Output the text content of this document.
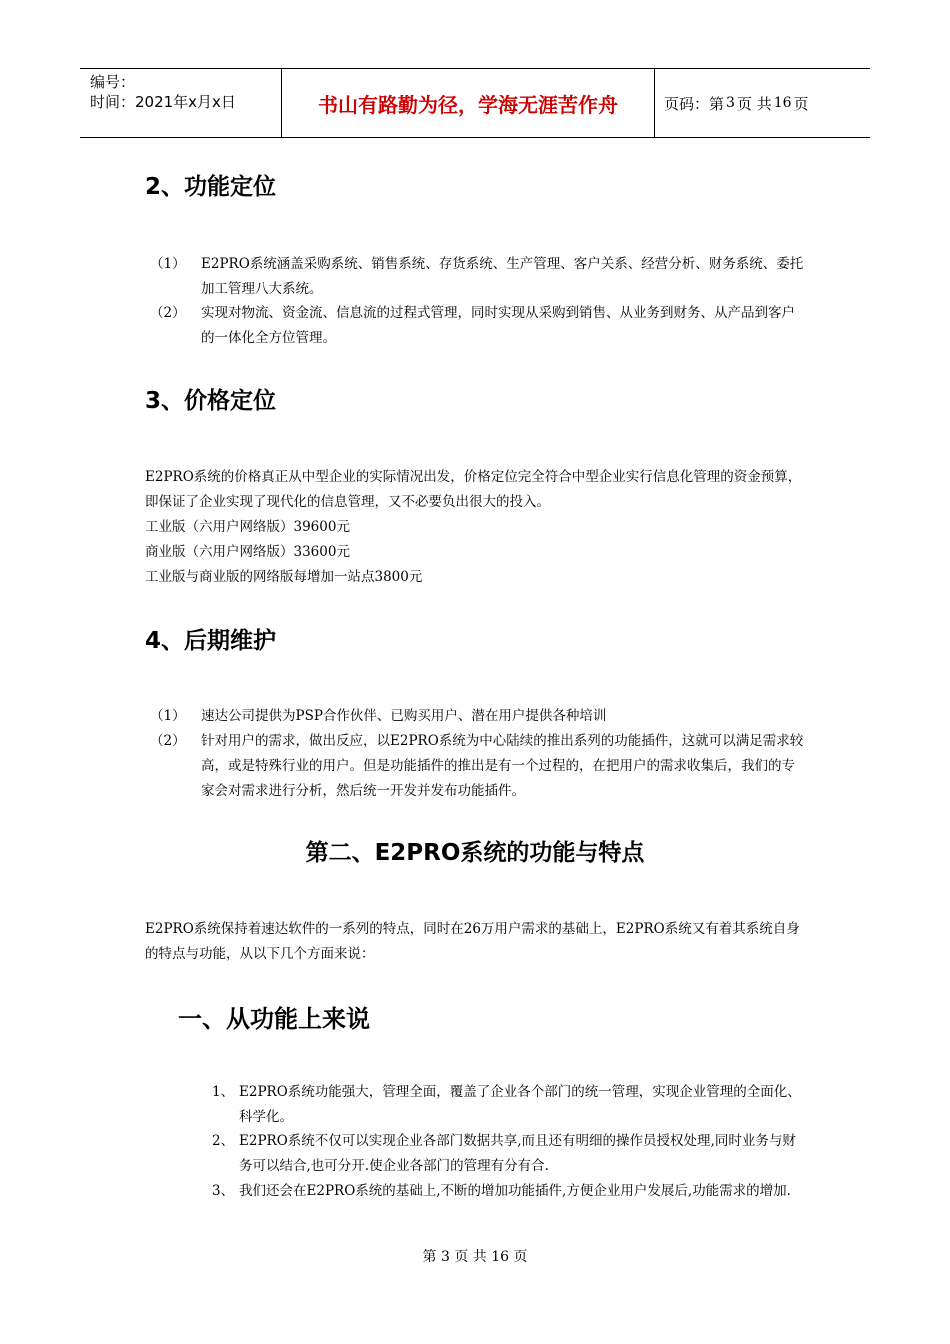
编号：
时间：2021年x月x日	书山有路勤为径，学海无涯苦作舟	页码：第 3 页 共 16 页
2、功能定位
（1） E2PRO系统涵盖采购系统、销售系统、存货系统、生产管理、客户关系、经营分析、财务系统、委托加工管理八大系统。
（2） 实现对物流、资金流、信息流的过程式管理，同时实现从采购到销售、从业务到财务、从产品到客户的一体化全方位管理。
3、价格定位
E2PRO系统的价格真正从中型企业的实际情况出发，价格定位完全符合中型企业实行信息化管理的资金预算，即保证了企业实现了现代化的信息管理，又不必要负出很大的投入。
工业版（六用户网络版）39600元
商业版（六用户网络版）33600元
工业版与商业版的网络版每增加一站点3800元
4、后期维护
（1） 速达公司提供为PSP合作伙伴、已购买用户、潜在用户提供各种培训
（2） 针对用户的需求，做出反应，以E2PRO系统为中心陆续的推出系列的功能插件，这就可以满足需求较高，或是特殊行业的用户。但是功能插件的推出是有一个过程的，在把用户的需求收集后，我们的专家会对需求进行分析，然后统一开发并发布功能插件。
第二、E2PRO系统的功能与特点
E2PRO系统保持着速达软件的一系列的特点，同时在26万用户需求的基础上，E2PRO系统又有着其系统自身的特点与功能，从以下几个方面来说：
一、从功能上来说
1、 E2PRO系统功能强大，管理全面，覆盖了企业各个部门的统一管理，实现企业管理的全面化、科学化。
2、 E2PRO系统不仅可以实现企业各部门数据共享,而且还有明细的操作员授权处理,同时业务与财务可以结合,也可分开.使企业各部门的管理有分有合.
3、 我们还会在E2PRO系统的基础上,不断的增加功能插件,方便企业用户发展后,功能需求的增加.
第 3 页 共 16 页
